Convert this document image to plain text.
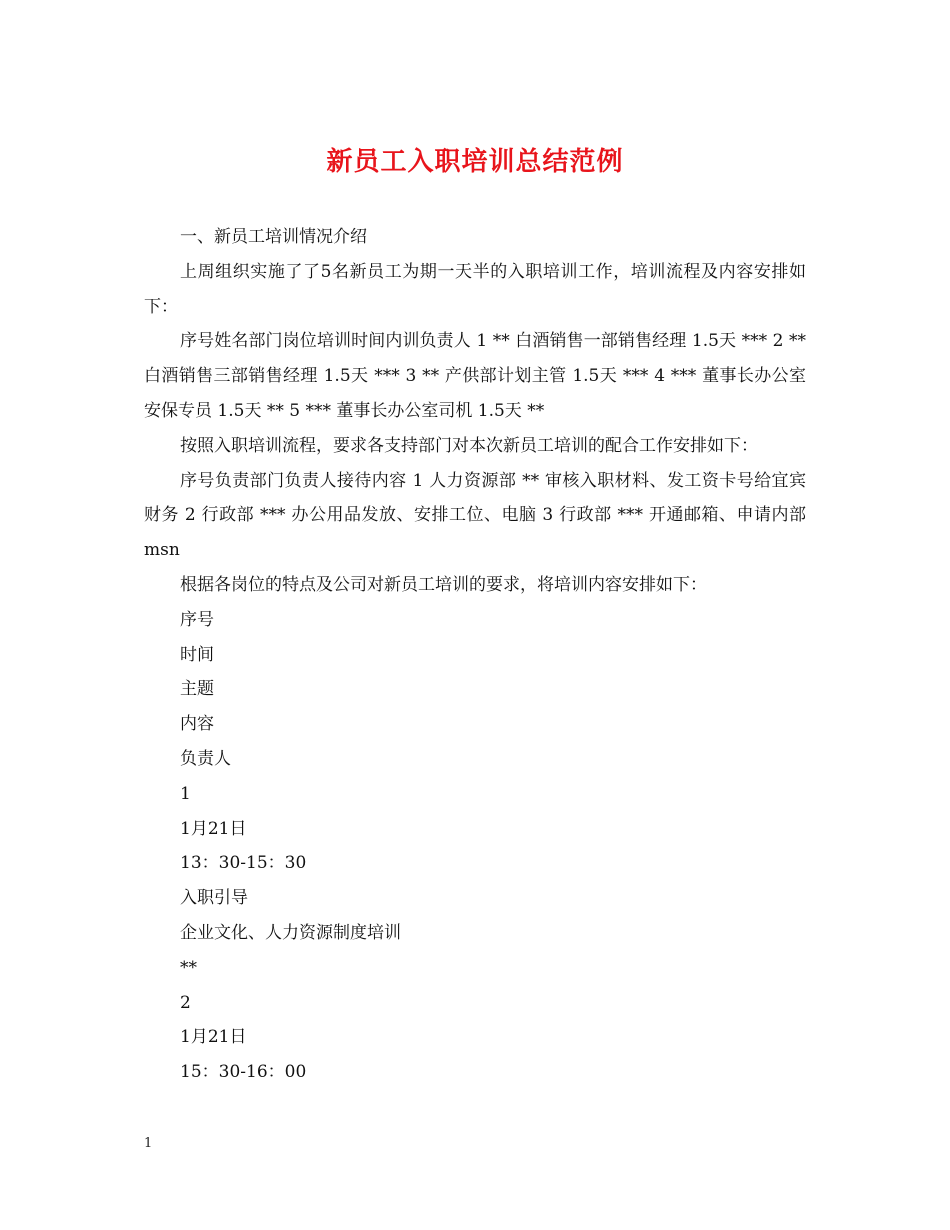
新员工入职培训总结范例

一、新员工培训情况介绍

上周组织实施了了5名新员工为期一天半的入职培训工作，培训流程及内容安排如下：

序号姓名部门岗位培训时间内训负责人 1 ** 白酒销售一部销售经理 1.5天 *** 2 ** 白酒销售三部销售经理 1.5天 *** 3 ** 产供部计划主管 1.5天 *** 4 *** 董事长办公室安保专员 1.5天 ** 5 *** 董事长办公室司机 1.5天 **

按照入职培训流程，要求各支持部门对本次新员工培训的配合工作安排如下：

序号负责部门负责人接待内容 1 人力资源部 ** 审核入职材料、发工资卡号给宜宾财务 2 行政部 *** 办公用品发放、安排工位、电脑 3 行政部 *** 开通邮箱、申请内部msn

根据各岗位的特点及公司对新员工培训的要求，将培训内容安排如下：

序号

时间

主题

内容

负责人

1

1月21日

13：30-15：30

入职引导

企业文化、人力资源制度培训

**

2

1月21日

15：30-16：00

1
